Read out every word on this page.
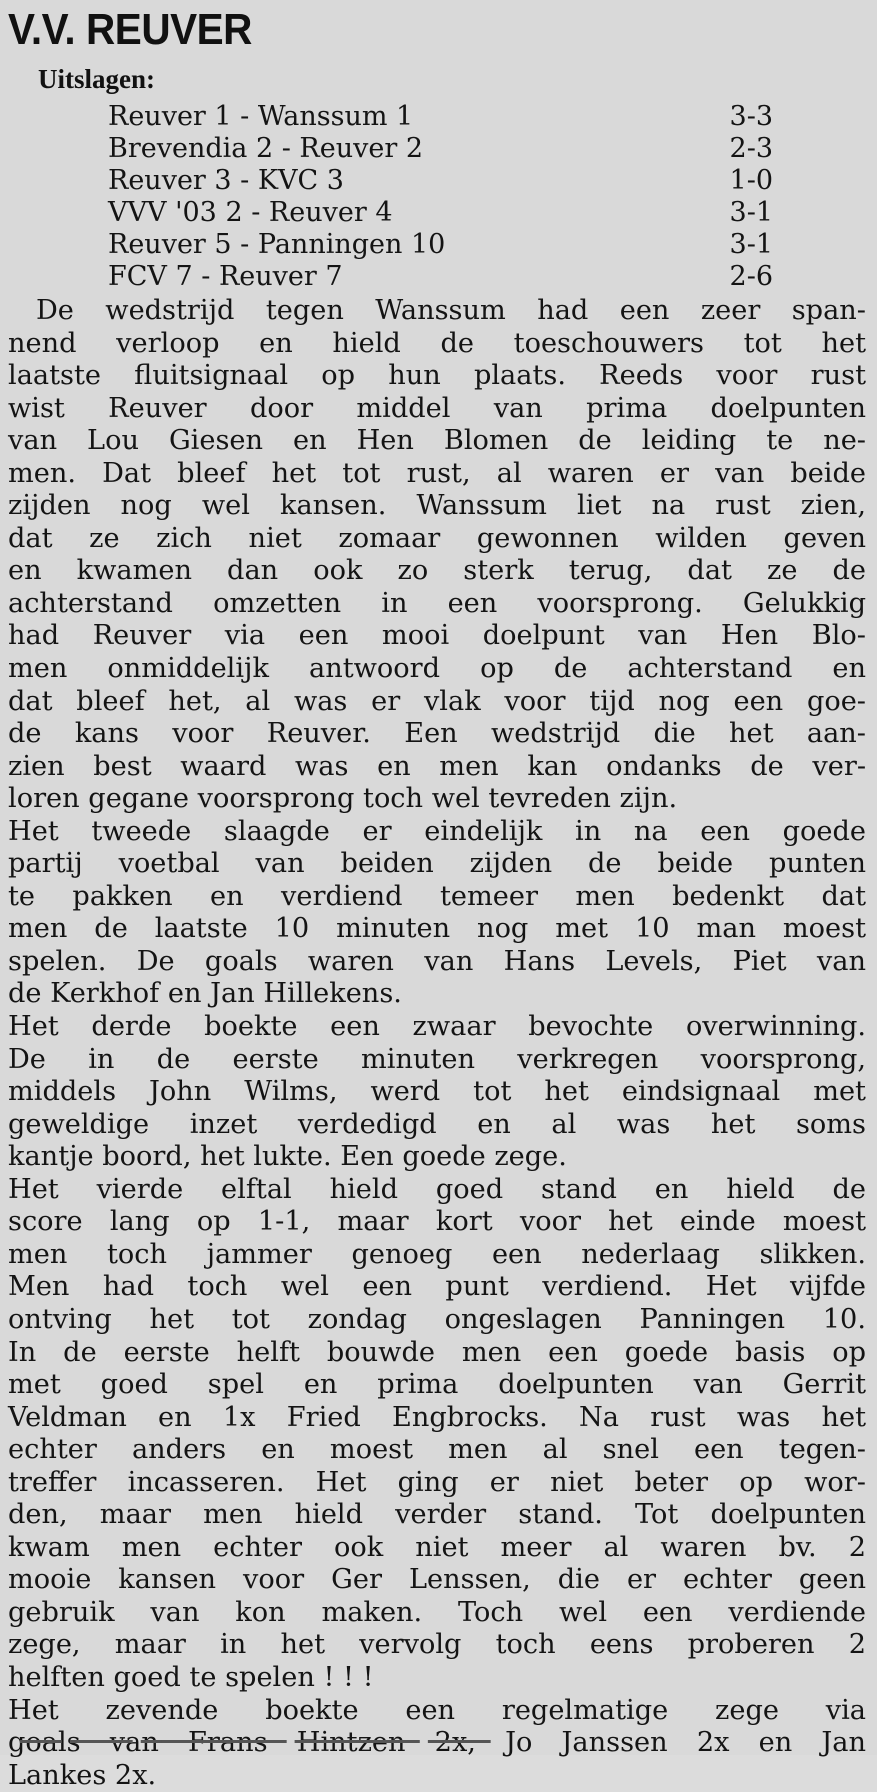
V.V. REUVER
Uitslagen:
Reuver 1 - Wanssum 1	3-3
Brevendia 2 - Reuver 2	2-3
Reuver 3 - KVC 3	1-0
VVV '03 2 - Reuver 4	3-1
Reuver 5 - Panningen 10	3-1
FCV 7 - Reuver 7	2-6
De wedstrijd tegen Wanssum had een zeer span-
nend verloop en hield de toeschouwers tot het
laatste fluitsignaal op hun plaats. Reeds voor rust
wist Reuver door middel van prima doelpunten
van Lou Giesen en Hen Blomen de leiding te ne-
men. Dat bleef het tot rust, al waren er van beide
zijden nog wel kansen. Wanssum liet na rust zien,
dat ze zich niet zomaar gewonnen wilden geven
en kwamen dan ook zo sterk terug, dat ze de
achterstand omzetten in een voorsprong. Gelukkig
had Reuver via een mooi doelpunt van Hen Blo-
men onmiddelijk antwoord op de achterstand en
dat bleef het, al was er vlak voor tijd nog een goe-
de kans voor Reuver. Een wedstrijd die het aan-
zien best waard was en men kan ondanks de ver-
loren gegane voorsprong toch wel tevreden zijn.
Het tweede slaagde er eindelijk in na een goede
partij voetbal van beiden zijden de beide punten
te pakken en verdiend temeer men bedenkt dat
men de laatste 10 minuten nog met 10 man moest
spelen. De goals waren van Hans Levels, Piet van
de Kerkhof en Jan Hillekens.
Het derde boekte een zwaar bevochte overwinning.
De in de eerste minuten verkregen voorsprong,
middels John Wilms, werd tot het eindsignaal met
geweldige inzet verdedigd en al was het soms
kantje boord, het lukte. Een goede zege.
Het vierde elftal hield goed stand en hield de
score lang op 1-1, maar kort voor het einde moest
men toch jammer genoeg een nederlaag slikken.
Men had toch wel een punt verdiend. Het vijfde
ontving het tot zondag ongeslagen Panningen 10.
In de eerste helft bouwde men een goede basis op
met goed spel en prima doelpunten van Gerrit
Veldman en 1x Fried Engbrocks. Na rust was het
echter anders en moest men al snel een tegen-
treffer incasseren. Het ging er niet beter op wor-
den, maar men hield verder stand. Tot doelpunten
kwam men echter ook niet meer al waren bv. 2
mooie kansen voor Ger Lenssen, die er echter geen
gebruik van kon maken. Toch wel een verdiende
zege, maar in het vervolg toch eens proberen 2
helften goed te spelen ! ! !
Het zevende boekte een regelmatige zege via
goals van Frans Hintzen 2x, Jo Janssen 2x en Jan
Lankes 2x.
